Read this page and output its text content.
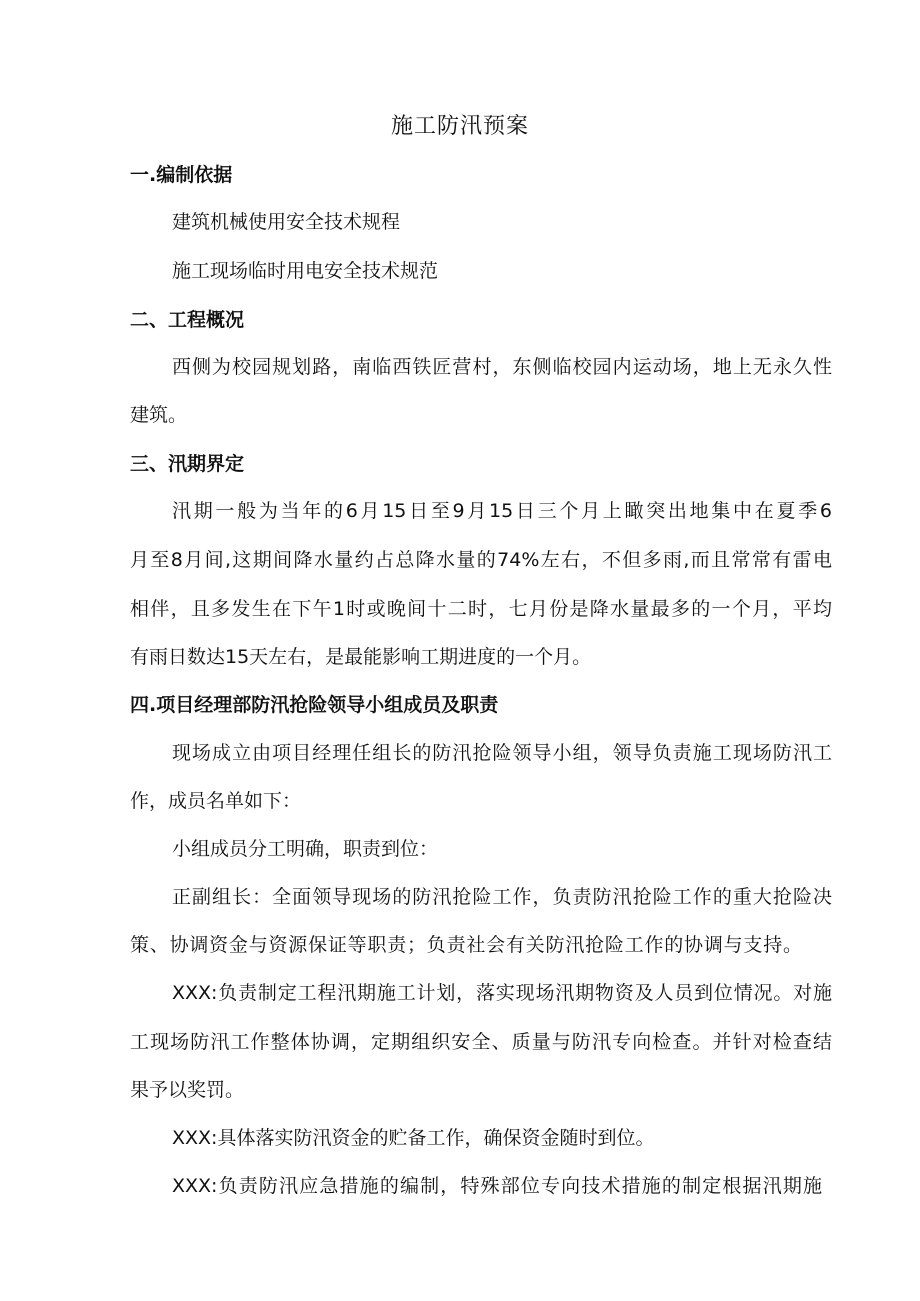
施工防汛预案
一.编制依据
建筑机械使用安全技术规程
施工现场临时用电安全技术规范
二、工程概况
西侧为校园规划路，南临西铁匠营村，东侧临校园内运动场，地上无永久性
建筑。
三、汛期界定
汛期一般为当年的6月15日至9月15日三个月上瞰突出地集中在夏季6
月至8月间,这期间降水量约占总降水量的74%左右，不但多雨,而且常常有雷电
相伴，且多发生在下午1时或晚间十二时，七月份是降水量最多的一个月，平均
有雨日数达15天左右，是最能影响工期进度的一个月。
四.项目经理部防汛抢险领导小组成员及职责
现场成立由项目经理任组长的防汛抢险领导小组，领导负责施工现场防汛工
作，成员名单如下：
小组成员分工明确，职责到位：
正副组长：全面领导现场的防汛抢险工作，负责防汛抢险工作的重大抢险决
策、协调资金与资源保证等职责；负责社会有关防汛抢险工作的协调与支持。
XXX:负责制定工程汛期施工计划，落实现场汛期物资及人员到位情况。对施
工现场防汛工作整体协调，定期组织安全、质量与防汛专向检查。并针对检查结
果予以奖罚。
XXX:具体落实防汛资金的贮备工作，确保资金随时到位。
XXX:负责防汛应急措施的编制，特殊部位专向技术措施的制定根据汛期施
